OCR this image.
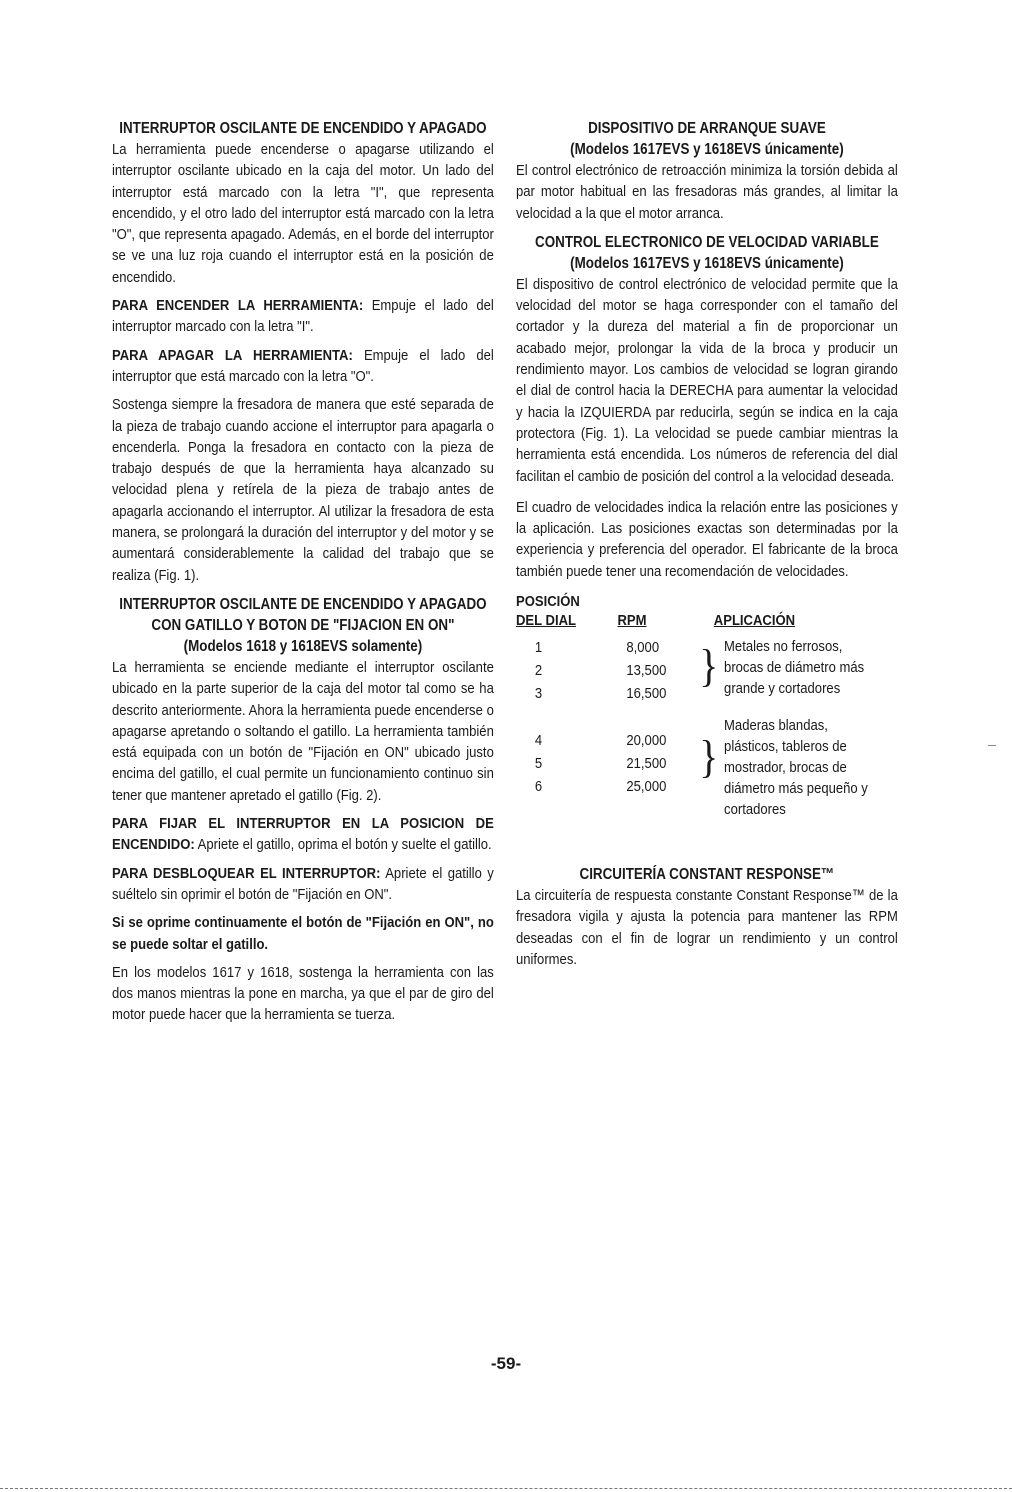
INTERRUPTOR OSCILANTE DE ENCENDIDO Y APAGADO

La herramienta puede encenderse o apagarse utilizando el interruptor oscilante ubicado en la caja del motor. Un lado del interruptor está marcado con la letra "I", que representa encendido, y el otro lado del interruptor está marcado con la letra "O", que representa apagado. Además, en el borde del interruptor se ve una luz roja cuando el interruptor está en la posición de encendido.

PARA ENCENDER LA HERRAMIENTA: Empuje el lado del interruptor marcado con la letra "I".

PARA APAGAR LA HERRAMIENTA: Empuje el lado del interruptor que está marcado con la letra "O".

Sostenga siempre la fresadora de manera que esté separada de la pieza de trabajo cuando accione el interruptor para apagarla o encenderla. Ponga la fresadora en contacto con la pieza de trabajo después de que la herramienta haya alcanzado su velocidad plena y retírela de la pieza de trabajo antes de apagarla accionando el interruptor. Al utilizar la fresadora de esta manera, se prolongará la duración del interruptor y del motor y se aumentará considerablemente la calidad del trabajo que se realiza (Fig. 1).

INTERRUPTOR OSCILANTE DE ENCENDIDO Y APAGADO
CON GATILLO Y BOTON DE "FIJACION EN ON"
(Modelos 1618 y 1618EVS solamente)

La herramienta se enciende mediante el interruptor oscilante ubicado en la parte superior de la caja del motor tal como se ha descrito anteriormente. Ahora la herramienta puede encenderse o apagarse apretando o soltando el gatillo. La herramienta también está equipada con un botón de "Fijación en ON" ubicado justo encima del gatillo, el cual permite un funcionamiento continuo sin tener que mantener apretado el gatillo (Fig. 2).

PARA FIJAR EL INTERRUPTOR EN LA POSICION DE ENCENDIDO: Apriete el gatillo, oprima el botón y suelte el gatillo.

PARA DESBLOQUEAR EL INTERRUPTOR: Apriete el gatillo y suéltelo sin oprimir el botón de "Fijación en ON".

Si se oprime continuamente el botón de "Fijación en ON", no se puede soltar el gatillo.

En los modelos 1617 y 1618, sostenga la herramienta con las dos manos mientras la pone en marcha, ya que el par de giro del motor puede hacer que la herramienta se tuerza.

DISPOSITIVO DE ARRANQUE SUAVE
(Modelos 1617EVS y 1618EVS únicamente)

El control electrónico de retroacción minimiza la torsión debida al par motor habitual en las fresadoras más grandes, al limitar la velocidad a la que el motor arranca.

CONTROL ELECTRONICO DE VELOCIDAD VARIABLE
(Modelos 1617EVS y 1618EVS únicamente)

El dispositivo de control electrónico de velocidad permite que la velocidad del motor se haga corresponder con el tamaño del cortador y la dureza del material a fin de proporcionar un acabado mejor, prolongar la vida de la broca y producir un rendimiento mayor. Los cambios de velocidad se logran girando el dial de control hacia la DERECHA para aumentar la velocidad y hacia la IZQUIERDA par reducirla, según se indica en la caja protectora (Fig. 1). La velocidad se puede cambiar mientras la herramienta está encendida. Los números de referencia del dial facilitan el cambio de posición del control a la velocidad deseada.

El cuadro de velocidades indica la relación entre las posiciones y la aplicación. Las posiciones exactas son determinadas por la experiencia y preferencia del operador. El fabricante de la broca también puede tener una recomendación de velocidades.

POSICIÓN
DEL DIAL
	RPM
	APLICACIÓN
1
2
3
8,000
13,500
16,500
} Metales no ferrosos,
brocas de diámetro más
grande y cortadores
4
5
6
20,000
21,500
25,000
}
Maderas blandas,
plásticos, tableros de
mostrador, brocas de
diámetro más pequeño y
cortadores
CIRCUITERÍA CONSTANT RESPONSE™

La circuitería de respuesta constante Constant Response™ de la fresadora vigila y ajusta la potencia para mantener las RPM deseadas con el fin de lograr un rendimiento y un control uniformes.

-59-
